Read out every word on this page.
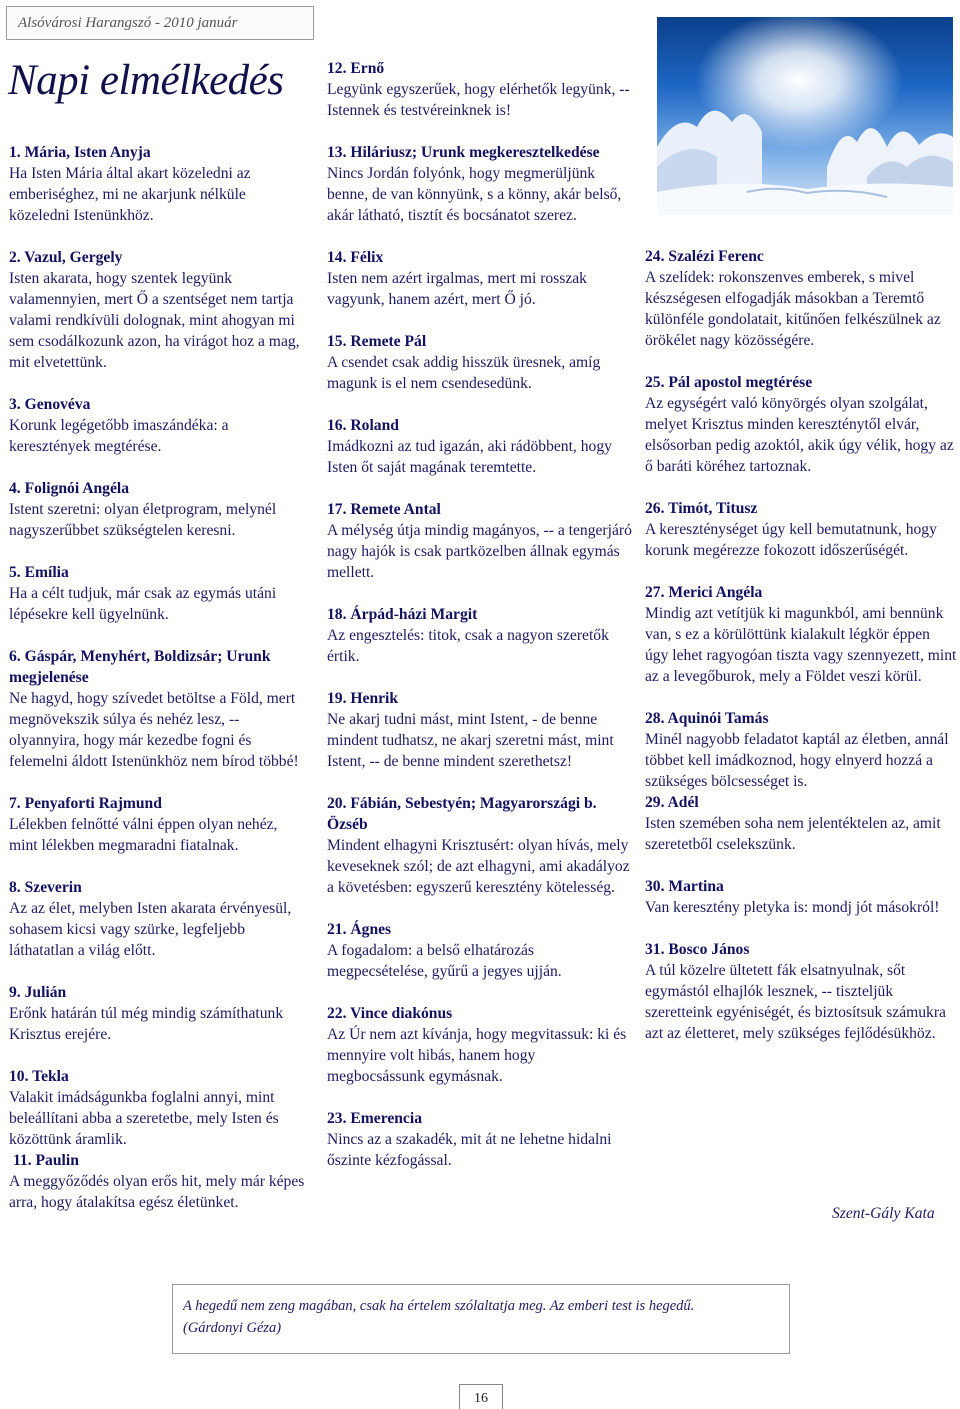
Alsóvárosi Harangszó - 2010 január
Napi elmélkedés
1. Mária, Isten Anyja
Ha Isten Mária által akart közeledni az emberiséghez, mi ne akarjunk nélküle közeledni Istenünkhöz.
2. Vazul, Gergely
Isten akarata, hogy szentek legyünk valamennyien, mert Ő a szentséget nem tartja valami rendkívüli dolognak, mint ahogyan mi sem csodálkozunk azon, ha virágot hoz a mag, mit elvetettünk.
3. Genovéva
Korunk legégetőbb imaszándéka: a keresztények megtérése.
4. Folignói Angéla
Istent szeretni: olyan életprogram, melynél nagyszerűbbet szükségtelen keresni.
5. Emília
Ha a célt tudjuk, már csak az egymás utáni lépésekre kell ügyelnünk.
6. Gáspár, Menyhért, Boldizsár; Urunk megjelenése
Ne hagyd, hogy szívedet betöltse a Föld, mert megnövekszik súlya és nehéz lesz, -- olyannyira, hogy már kezedbe fogni és felemelni áldott Istenünkhöz nem bírod többé!
7. Penyaforti Rajmund
Lélekben felnőtté válni éppen olyan nehéz, mint lélekben megmaradni fiatalnak.
8. Szeverin
Az az élet, melyben Isten akarata érvényesül, sohasem kicsi vagy szürke, legfeljebb láthatatlan a világ előtt.
9. Julián
Erőnk határán túl még mindig számíthatunk Krisztus erejére.
10. Tekla
Valakit imádságunkba foglalni annyi, mint beleállítani abba a szeretetbe, mely Isten és közöttünk áramlik.
11. Paulin
A meggyőződés olyan erős hit, mely már képes arra, hogy átalakítsa egész életünket.
12. Ernő
Legyünk egyszerűek, hogy elérhetők legyünk, -- Istennek és testvéreinknek is!
13. Hiláriusz; Urunk megkeresztelkedése
Nincs Jordán folyónk, hogy megmerüljünk benne, de van könnyünk, s a könny, akár belső, akár látható, tisztít és bocsánatot szerez.
14. Félix
Isten nem azért irgalmas, mert mi rosszak vagyunk, hanem azért, mert Ő jó.
15. Remete Pál
A csendet csak addig hisszük üresnek, amíg magunk is el nem csendesedünk.
16. Roland
Imádkozni az tud igazán, aki rádöbbent, hogy Isten őt saját magának teremtette.
17. Remete Antal
A mélység útja mindig magányos, -- a tengerjáró nagy hajók is csak partközelben állnak egymás mellett.
18. Árpád-házi Margit
Az engesztelés: titok, csak a nagyon szeretők értik.
19. Henrik
Ne akarj tudni mást, mint Istent, - de benne mindent tudhatsz, ne akarj szeretni mást, mint Istent, -- de benne mindent szerethetsz!
20. Fábián, Sebestyén; Magyarországi b. Özséb
Mindent elhagyni Krisztusért: olyan hívás, mely keveseknek szól; de azt elhagyni, ami akadályoz a követésben: egyszerű keresztény kötelesség.
21. Ágnes
A fogadalom: a belső elhatározás megpecsételése, gyűrű a jegyes ujján.
22. Vince diakónus
Az Úr nem azt kívánja, hogy megvitassuk: ki és mennyire volt hibás, hanem hogy megbocsássunk egymásnak.
23. Emerencia
Nincs az a szakadék, mit át ne lehetne hidalni őszinte kézfogással.
24. Szalézi Ferenc
A szelídek: rokonszenves emberek, s mivel készségesen elfogadják másokban a Teremtő különféle gondolatait, kitűnően felkészülnek az örökélet nagy közösségére.
25. Pál apostol megtérése
Az egységért való könyörgés olyan szolgálat, melyet Krisztus minden kereszténytől elvár, elsősorban pedig azoktól, akik úgy vélik, hogy az ő baráti köréhez tartoznak.
26. Timót, Titusz
A kereszténységet úgy kell bemutatnunk, hogy korunk megérezze fokozott időszerűségét.
27. Merici Angéla
Mindig azt vetítjük ki magunkból, ami bennünk van, s ez a körülöttünk kialakult légkör éppen úgy lehet ragyogóan tiszta vagy szennyezett, mint az a levegőburok, mely a Földet veszi körül.
28. Aquinói Tamás
Minél nagyobb feladatot kaptál az életben, annál többet kell imádkoznod, hogy elnyerd hozzá a szükséges bölcsességet is.
29. Adél
Isten szemében soha nem jelentéktelen az, amit szeretetből cselekszünk.
30. Martina
Van keresztény pletyka is: mondj jót másokról!
31. Bosco János
A túl közelre ültetett fák elsatnyulnak, sőt egymástól elhajlók lesznek, -- tiszteljük szeretteink egyéniségét, és biztosítsuk számukra azt az életteret, mely szükséges fejlődésükhöz.
Szent-Gály Kata
A hegedű nem zeng magában, csak ha értelem szólaltatja meg. Az emberi test is hegedű.
(Gárdonyi Géza)
16
